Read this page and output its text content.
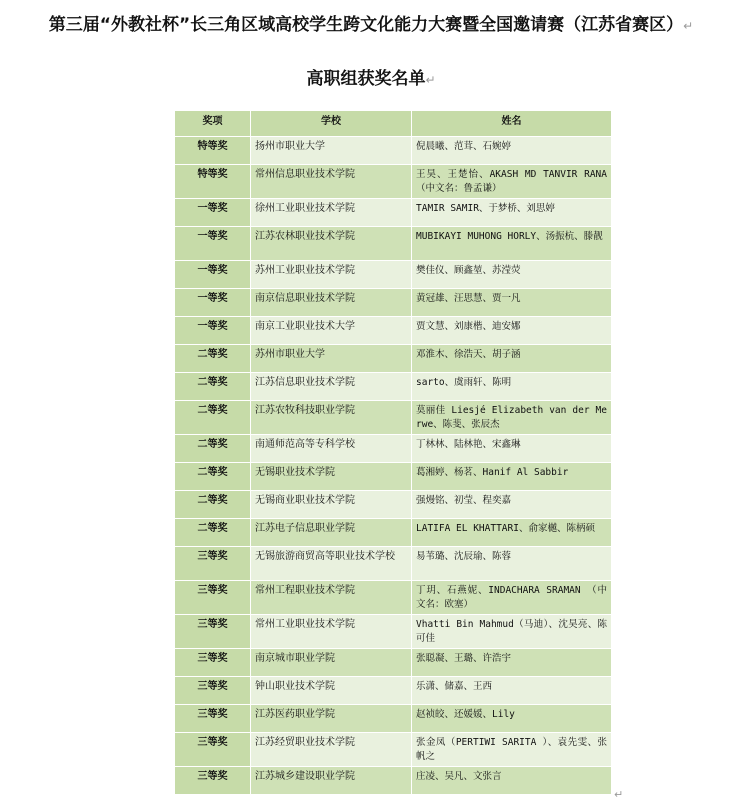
第三届“外教社杯”长三角区域高校学生跨文化能力大赛暨全国邀请赛（江苏省赛区）↵
高职组获奖名单↵
奖项	学校	姓名
特等奖	扬州市职业大学	倪晨曦、范茸、石婉婷
特等奖	常州信息职业技术学院	王昊、王楚怡、AKASH MD TANVIR RANA（中文名：鲁孟谦）
一等奖	徐州工业职业技术学院	TAMIR SAMIR、于梦桥、刘思婷
一等奖	江苏农林职业技术学院	MUBIKAYI MUHONG HORLY、汤振杭、滕靓
一等奖	苏州工业职业技术学院	樊佳仪、顾鑫堃、苏滢荧
一等奖	南京信息职业技术学院	黄冠雄、汪思慧、贾一凡
一等奖	南京工业职业技术大学	贾文慧、刘康楷、迪安娜
二等奖	苏州市职业大学	邓淮木、徐浩天、胡子涵
二等奖	江苏信息职业技术学院	sarto、虞雨轩、陈明
二等奖	江苏农牧科技职业学院	莫丽佳 Liesjé Elizabeth van der Merwe、陈斐、张辰杰
二等奖	南通师范高等专科学校	丁林林、陆林艳、宋鑫琳
二等奖	无锡职业技术学院	葛湘婷、杨茗、Hanif Al Sabbir
二等奖	无锡商业职业技术学院	强熳铭、初莹、程奕嘉
二等奖	江苏电子信息职业学院	LATIFA EL KHATTARI、俞家樾、陈柄硕
三等奖	无锡旅游商贸高等职业技术学校	易苇璐、沈辰瑜、陈蓉
三等奖	常州工程职业技术学院	丁玥、石燕妮、INDACHARA SRAMAN （中文名：欧塞）
三等奖	常州工业职业技术学院	Vhatti Bin Mahmud（马迪）、沈昊亮、陈可佳
三等奖	南京城市职业学院	张聪凝、王璐、许浩宇
三等奖	钟山职业技术学院	乐潇、储嘉、王西
三等奖	江苏医药职业学院	赵祯皎、还媛媛、Lily
三等奖	江苏经贸职业技术学院	张金凤（PERTIWI SARITA ）、袁先雯、张帆之
三等奖	江苏城乡建设职业学院	庄凌、吴凡、文张言
↵
